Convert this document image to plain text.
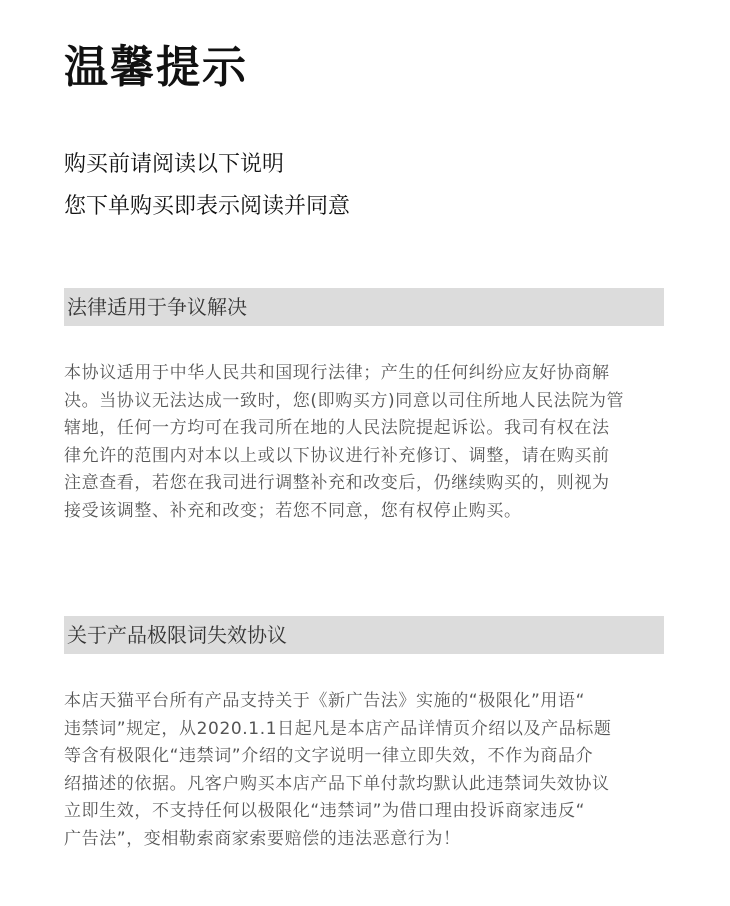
温馨提示
购买前请阅读以下说明
您下单购买即表示阅读并同意
法律适用于争议解决
本协议适用于中华人民共和国现行法律；产生的任何纠纷应友好协商解
决。当协议无法达成一致时，您(即购买方)同意以司住所地人民法院为管
辖地，任何一方均可在我司所在地的人民法院提起诉讼。我司有权在法
律允许的范围内对本以上或以下协议进行补充修订、调整，请在购买前
注意查看，若您在我司进行调整补充和改变后，仍继续购买的，则视为
接受该调整、补充和改变；若您不同意，您有权停止购买。
关于产品极限词失效协议
本店天猫平台所有产品支持关于《新广告法》实施的“极限化”用语“
违禁词”规定，从2020.1.1日起凡是本店产品详情页介绍以及产品标题
等含有极限化“违禁词”介绍的文字说明一律立即失效，不作为商品介
绍描述的依据。凡客户购买本店产品下单付款均默认此违禁词失效协议
立即生效，不支持任何以极限化“违禁词”为借口理由投诉商家违反“
广告法”，变相勒索商家索要赔偿的违法恶意行为！
